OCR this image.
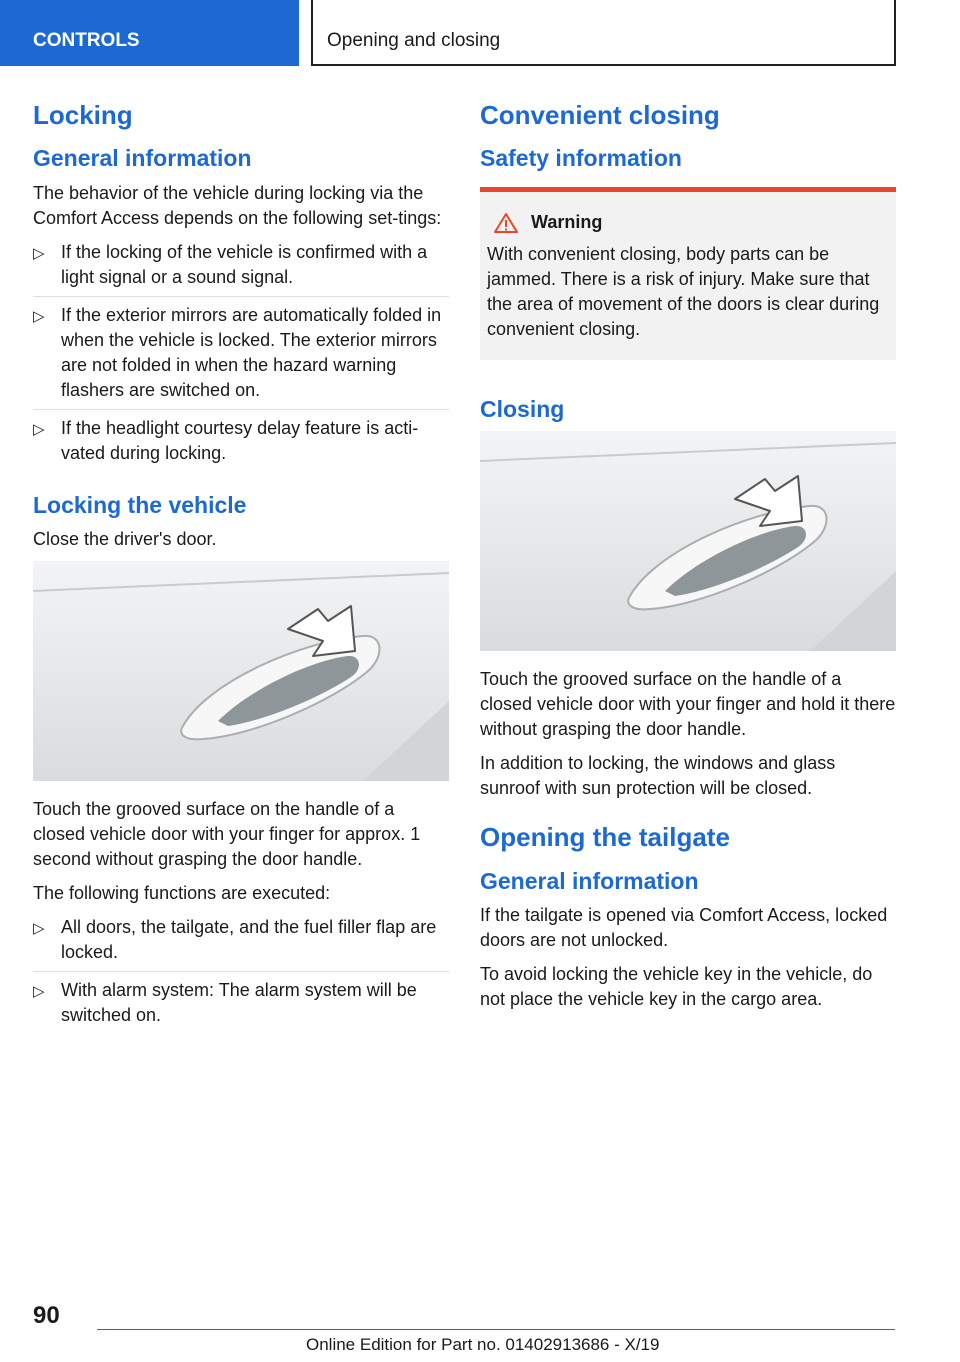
CONTROLS	Opening and closing
Locking
General information

The behavior of the vehicle during locking via the Comfort Access depends on the following set-tings:

▷ If the locking of the vehicle is confirmed with a light signal or a sound signal.
▷ If the exterior mirrors are automatically folded in when the vehicle is locked. The exterior mirrors are not folded in when the hazard warning flashers are switched on.
▷ If the headlight courtesy delay feature is acti-vated during locking.
Locking the vehicle

Close the driver's door.

Touch the grooved surface on the handle of a closed vehicle door with your finger for approx. 1 second without grasping the door handle.

The following functions are executed:

▷ All doors, the tailgate, and the fuel filler flap are locked.
▷ With alarm system: The alarm system will be switched on.
Convenient closing
Safety information
Warning

With convenient closing, body parts can be jammed. There is a risk of injury. Make sure that the area of movement of the doors is clear during convenient closing.

Closing

Touch the grooved surface on the handle of a closed vehicle door with your finger and hold it there without grasping the door handle.

In addition to locking, the windows and glass sunroof with sun protection will be closed.

Opening the tailgate
General information

If the tailgate is opened via Comfort Access, locked doors are not unlocked.

To avoid locking the vehicle key in the vehicle, do not place the vehicle key in the cargo area.

90
Online Edition for Part no. 01402913686 - X/19
